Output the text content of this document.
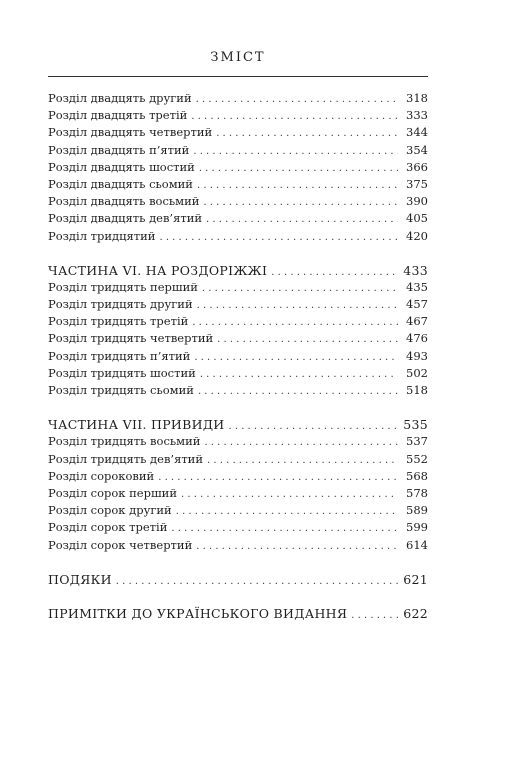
ЗМІСТ
Розділ двадцять другий . . .	318
Розділ двадцять третій . . .	333
Розділ двадцять четвертий . . .	344
Розділ двадцять п’ятий . . .	354
Розділ двадцять шостий . . .	366
Розділ двадцять сьомий . . .	375
Розділ двадцять восьмий . . .	390
Розділ двадцять дев’ятий . . .	405
Розділ тридцятий . . .	420
ЧАСТИНА VI. НА РОЗДОРІЖЖІ . . .	433
Розділ тридцять перший . . .	435
Розділ тридцять другий . . .	457
Розділ тридцять третій . . .	467
Розділ тридцять четвертий . . .	476
Розділ тридцять п’ятий . . .	493
Розділ тридцять шостий . . .	502
Розділ тридцять сьомий . . .	518
ЧАСТИНА VII. ПРИВИДИ . . .	535
Розділ тридцять восьмий . . .	537
Розділ тридцять дев’ятий . . .	552
Розділ сороковий . . .	568
Розділ сорок перший . . .	578
Розділ сорок другий . . .	589
Розділ сорок третій . . .	599
Розділ сорок четвертий . . .	614
ПОДЯКИ . . .	621
ПРИМІТКИ ДО УКРАЇНСЬКОГО ВИДАННЯ . . .	622
